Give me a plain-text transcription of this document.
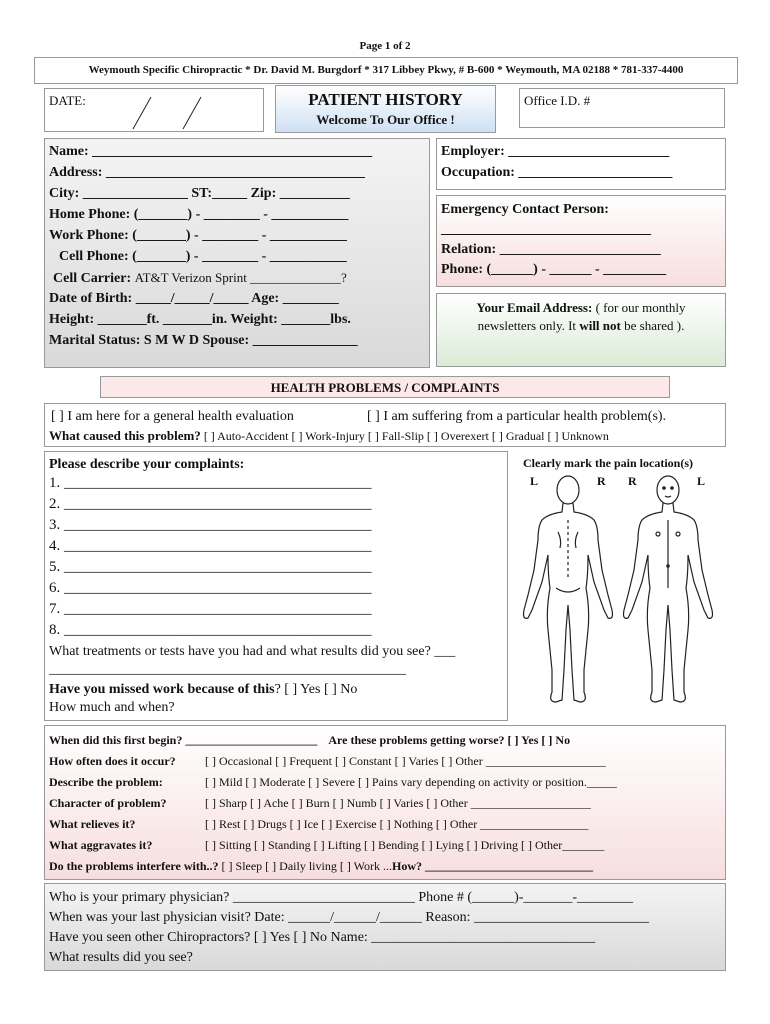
Page 1 of 2
Weymouth Specific Chiropractic * Dr. David M. Burgdorf * 317 Libbey Pkwy, # B-600 * Weymouth, MA 02188 * 781-337-4400
DATE:	PATIENT HISTORY
Welcome To Our Office !
Office I.D. #
Name: ________________________________________
Address: _____________________________________
City: _______________ ST:_____ Zip: __________
Home Phone: (_______) - ________ - ___________
Work Phone: (_______) - ________ - ___________
Cell Phone: (_______) - ________ - ___________
Cell Carrier: AT&T Verizon Sprint ______________?
Date of Birth: _____/_____/_____ Age: ________
Height: _______ft. _______in. Weight: _______lbs.
Marital Status: S M W D Spouse: _______________
Employer: _______________________
Occupation: ______________________
Emergency Contact Person:
______________________________
Relation: _______________________
Phone: (______) - ______ - _________
Your Email Address: ( for our monthly
newsletters only. It will not be shared ).
HEALTH PROBLEMS / COMPLAINTS
[ ] I am here for a general health evaluation	[ ] I am suffering from a particular health problem(s).
What caused this problem? [ ] Auto-Accident [ ] Work-Injury [ ] Fall-Slip [ ] Overexert [ ] Gradual [ ] Unknown
Please describe your complaints:
1. _________________________________________
2. _________________________________________
3. _________________________________________
4. _________________________________________
5. _________________________________________
6. _________________________________________
7. _________________________________________
8. _________________________________________
What treatments or tests have you had and what results did you see? ___
___________________________________________________
Have you missed work because of this? [ ] Yes [ ] No
How much and when?
Clearly mark the pain location(s)
L	R R	L
When did this first begin? ______________________ Are these problems getting worse? [ ] Yes [ ] No
How often does it occur? [ ] Occasional [ ] Frequent [ ] Constant [ ] Varies [ ] Other ____________________
Describe the problem:	[ ] Mild [ ] Moderate [ ] Severe [ ] Pains vary depending on activity or position._____
Character of problem?	[ ] Sharp [ ] Ache [ ] Burn [ ] Numb [ ] Varies [ ] Other ____________________
What relieves it?	[ ] Rest [ ] Drugs [ ] Ice [ ] Exercise [ ] Nothing [ ] Other __________________
What aggravates it?	[ ] Sitting [ ] Standing [ ] Lifting [ ] Bending [ ] Lying [ ] Driving [ ] Other_______
Do the problems interfere with..? [ ] Sleep [ ] Daily living [ ] Work ...How? ____________________________
Who is your primary physician? __________________________ Phone # (______)-_______-________
When was your last physician visit? Date: ______/______/______ Reason: _________________________
Have you seen other Chiropractors? [ ] Yes [ ] No Name: ________________________________
What results did you see?
